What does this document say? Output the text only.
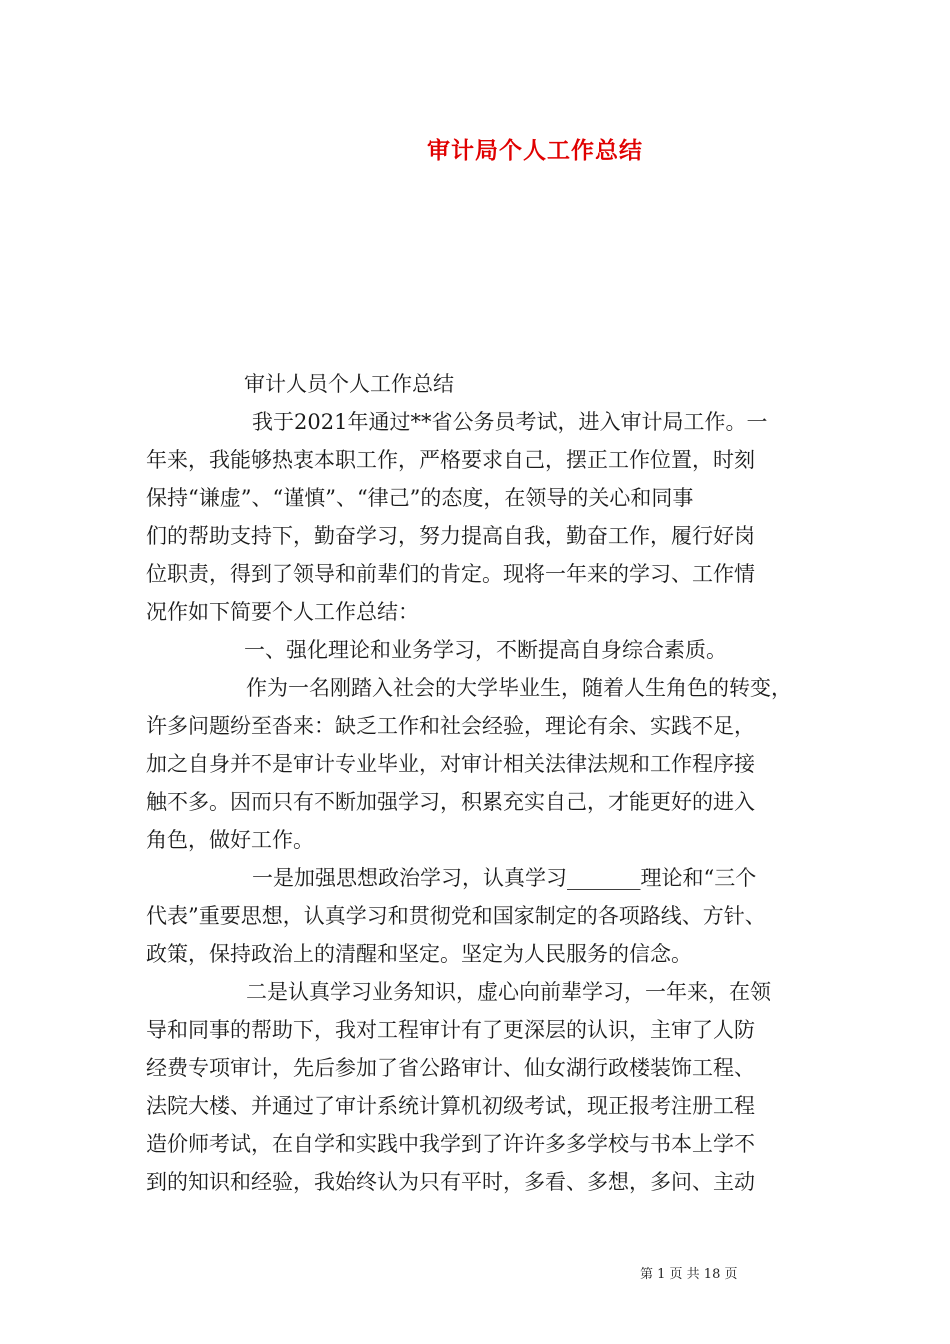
审计局个人工作总结
审计人员个人工作总结
我于2021年通过**省公务员考试，进入审计局工作。一
年来，我能够热衷本职工作，严格要求自己，摆正工作位置，时刻
保持“谦虚”、“谨慎”、“律己”的态度，在领导的关心和同事
们的帮助支持下，勤奋学习，努力提高自我，勤奋工作，履行好岗
位职责，得到了领导和前辈们的肯定。现将一年来的学习、工作情
况作如下简要个人工作总结：
一、强化理论和业务学习，不断提高自身综合素质。
作为一名刚踏入社会的大学毕业生，随着人生角色的转变，
许多问题纷至沓来：缺乏工作和社会经验，理论有余、实践不足，
加之自身并不是审计专业毕业，对审计相关法律法规和工作程序接
触不多。因而只有不断加强学习，积累充实自己，才能更好的进入
角色，做好工作。
一是加强思想政治学习，认真学习_______理论和“三个
代表”重要思想，认真学习和贯彻党和国家制定的各项路线、方针、
政策，保持政治上的清醒和坚定。坚定为人民服务的信念。
二是认真学习业务知识，虚心向前辈学习，一年来，在领
导和同事的帮助下，我对工程审计有了更深层的认识，主审了人防
经费专项审计，先后参加了省公路审计、仙女湖行政楼装饰工程、
法院大楼、并通过了审计系统计算机初级考试，现正报考注册工程
造价师考试，在自学和实践中我学到了许许多多学校与书本上学不
到的知识和经验，我始终认为只有平时，多看、多想，多问、主动
第 1 页 共 18 页
